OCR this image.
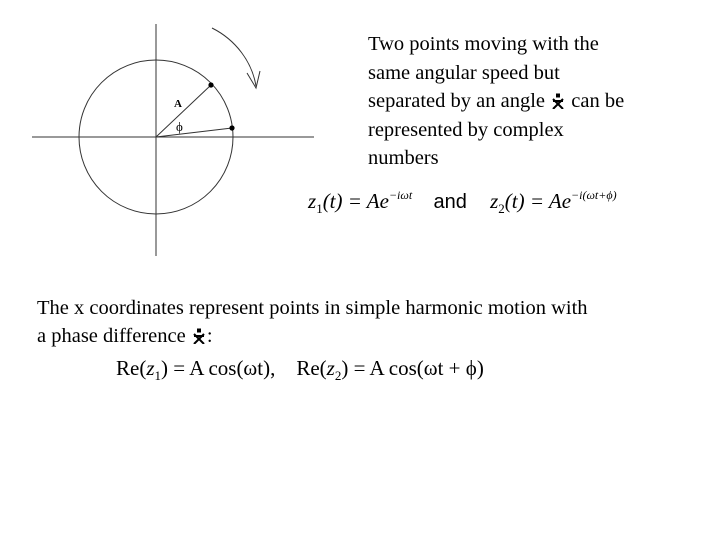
A
ϕ
Two points moving with the
same angular speed but
separated by an angle can be
represented by complex
numbers
$z_1(t) = Ae^{-i\omega t}$ and $z_2(t) = Ae^{-i(\omega t+\phi)}$
The x coordinates represent points in simple harmonic motion with
a phase difference :
$Re(z_1) = A$ cos(ωt), $Re(z_2) = A$ cos(ωt + ϕ)
